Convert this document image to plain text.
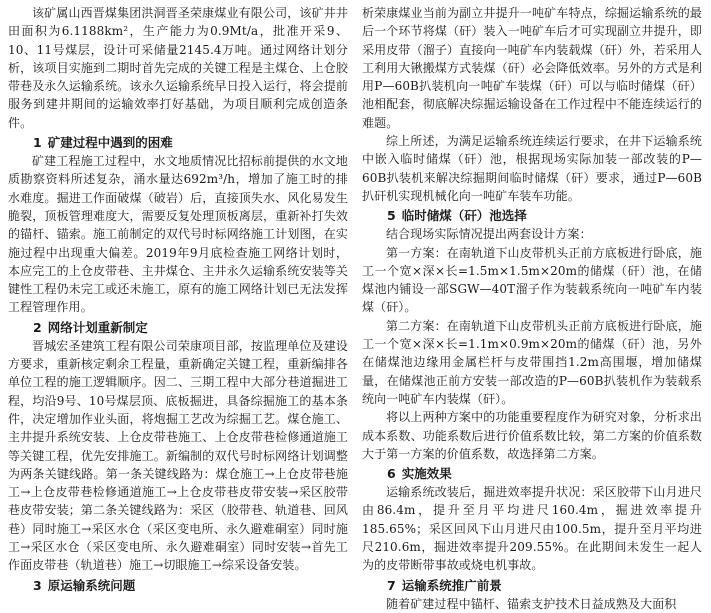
该矿属山西晋煤集团洪洞晋圣荣康煤业有限公司，该矿井井田面积为6.1188km²，生产能力为0.9Mt/a，批准开采9、10、11号煤层，设计可采储量2145.4万吨。通过网络计划分析，该项目实施到二期时首先完成的关键工程是主煤仓、上仓胶带巷及永久运输系统。该永久运输系统早日投入运行，将会提前服务到建井期间的运输效率打好基础，为项目顺利完成创造条件。

1 矿建过程中遇到的困难

矿建工程施工过程中，水文地质情况比招标前提供的水文地质勘察资料所述复杂，涌水量达692m³/h，增加了施工时的排水难度。掘进工作面破煤（破岩）后，直接顶失水、风化易发生脆裂，顶板管理难度大，需要反复处理顶板离层，重新补打失效的锚杆、锚索。施工前制定的双代号时标网络施工计划图，在实施过程中出现重大偏差。2019年9月底检查施工网络计划时，本应完工的上仓皮带巷、主井煤仓、主井永久运输系统安装等关键性工程仍未完工或还未施工，原有的施工网络计划已无法发挥工程管理作用。

2 网络计划重新制定

晋城宏圣建筑工程有限公司荣康项目部，按监理单位及建设方要求，重新核定剩余工程量，重新确定关键工程，重新编排各单位工程的施工逻辑顺序。因二、三期工程中大部分巷道掘进工程，均沿9号、10号煤层顶、底板掘进，具备综掘施工的基本条件，决定增加作业头面，将炮掘工艺改为综掘工艺。煤仓施工、主井提升系统安装、上仓皮带巷施工、上仓皮带巷检修通道施工等关键工程，优先安排施工。新编制的双代号时标网络计划调整为两条关键线路。第一条关键线路为：煤仓施工→上仓皮带巷施工→上仓皮带巷检修通道施工→上仓皮带巷皮带安装→采区胶带巷皮带安装；第二条关键线路为：采区（胶带巷、轨道巷、回风巷）同时施工→采区水仓（采区变电所、永久避难硐室）同时施工→采区水仓（采区变电所、永久避难硐室）同时安装→首先工作面皮带巷（轨道巷）施工→切眼施工→综采设备安装。

3 原运输系统问题

析荣康煤业当前为副立井提升一吨矿车特点，综掘运输系统的最后一个环节将煤（矸）装入一吨矿车后才可实现副立井提升，即采用皮带（溜子）直接向一吨矿车内装载煤（矸）外，若采用人工利用大锹搬煤方式装煤（矸）必会降低效率。另外的方式是利用P—60B扒装机向一吨矿车装煤（矸）可以与临时储煤（矸）池相配套，彻底解决综掘运输设备在工作过程中不能连续运行的难题。

综上所述，为满足运输系统连续运行要求，在井下运输系统中嵌入临时储煤（矸）池，根据现场实际加装一部改装的P—60B扒装机来解决综掘期间临时储煤（矸）要求，通过P—60B扒矸机实现机械化向一吨矿车装车功能。

5 临时储煤（矸）池选择

结合现场实际情况提出两套设计方案：

第一方案：在南轨道下山皮带机头正前方底板进行卧底，施工一个宽×深×长=1.5m×1.5m×20m的储煤（矸）池，在储煤池内铺设一部SGW—40T溜子作为装载系统向一吨矿车内装煤（矸）。

第二方案：在南轨道下山皮带机头正前方底板进行卧底，施工一个宽×深×长=1.1m×0.9m×20m的储煤（矸）池，另外在储煤池边缘用金属栏杆与皮带围挡1.2m高围堰，增加储煤量，在储煤池正前方安装一部改造的P—60B扒装机作为装载系统向一吨矿车内装煤（矸）。

将以上两种方案中的功能重要程度作为研究对象，分析求出成本系数、功能系数后进行价值系数比较，第二方案的价值系数大于第一方案的价值系数，故选择第二方案。

6 实施效果

运输系统改装后，掘进效率提升状况：采区胶带下山月进尺由86.4m，提升至月平均进尺160.4m，掘进效率提升185.65%；采区回风下山月进尺由100.5m，提升至月平均进尺210.6m，掘进效率提升209.55%。在此期间未发生一起人为的皮带断带事故或烧电机事故。

7 运输系统推广前景

随着矿建过程中锚杆、锚索支护技术日益成熟及大面积
